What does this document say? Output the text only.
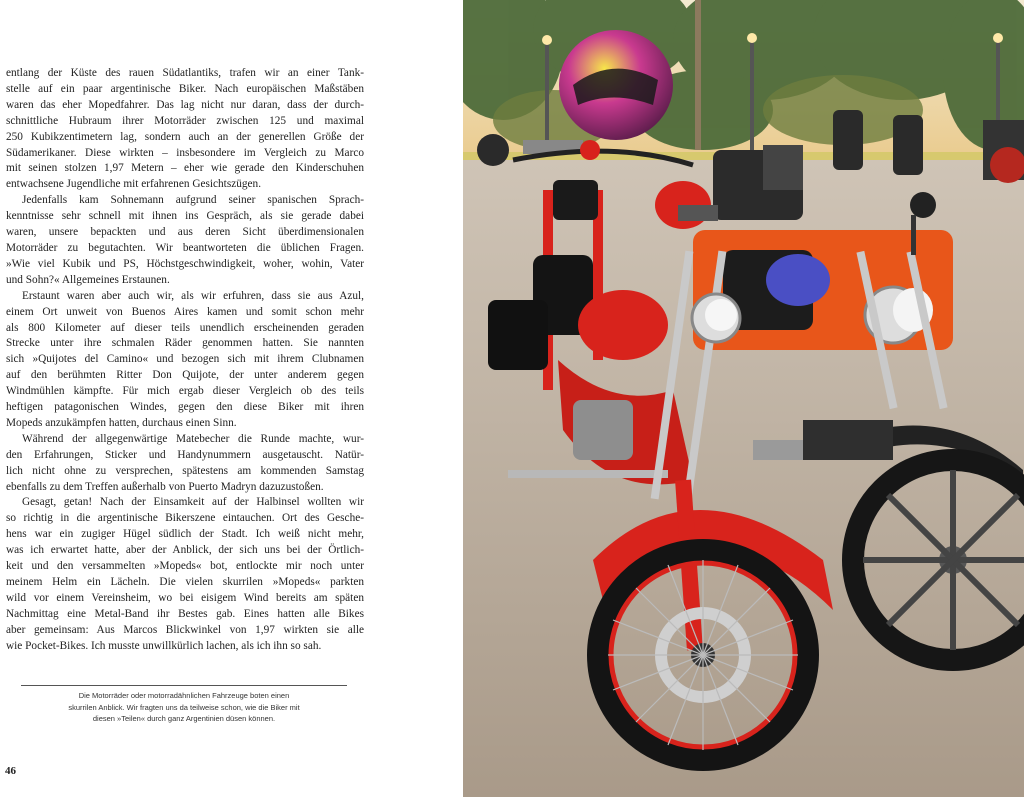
entlang der Küste des rauen Südatlantiks, trafen wir an einer Tank-
stelle auf ein paar argentinische Biker. Nach europäischen Maßstäben
waren das eher Mopedfahrer. Das lag nicht nur daran, dass der durch-
schnittliche Hubraum ihrer Motorräder zwischen 125 und maximal
250 Kubikzentimetern lag, sondern auch an der generellen Größe der
Südamerikaner. Diese wirkten – insbesondere im Vergleich zu Marco
mit seinen stolzen 1,97 Metern – eher wie gerade den Kinderschuhen
entwachsene Jugendliche mit erfahrenen Gesichtszügen.
Jedenfalls kam Sohnemann aufgrund seiner spanischen Sprach-
kenntnisse sehr schnell mit ihnen ins Gespräch, als sie gerade dabei
waren, unsere bepackten und aus deren Sicht überdimensionalen
Motorräder zu begutachten. Wir beantworteten die üblichen Fragen.
»Wie viel Kubik und PS, Höchstgeschwindigkeit, woher, wohin, Vater
und Sohn?« Allgemeines Erstaunen.
Erstaunt waren aber auch wir, als wir erfuhren, dass sie aus Azul,
einem Ort unweit von Buenos Aires kamen und somit schon mehr
als 800 Kilometer auf dieser teils unendlich erscheinenden geraden
Strecke unter ihre schmalen Räder genommen hatten. Sie nannten
sich »Quijotes del Camino« und bezogen sich mit ihrem Clubnamen
auf den berühmten Ritter Don Quijote, der unter anderem gegen
Windmühlen kämpfte. Für mich ergab dieser Vergleich ob des teils
heftigen patagonischen Windes, gegen den diese Biker mit ihren
Mopeds anzukämpfen hatten, durchaus einen Sinn.
Während der allgegenwärtige Matebecher die Runde machte, wur-
den Erfahrungen, Sticker und Handynummern ausgetauscht. Natür-
lich nicht ohne zu versprechen, spätestens am kommenden Samstag
ebenfalls zu dem Treffen außerhalb von Puerto Madryn dazuzustoßen.
Gesagt, getan! Nach der Einsamkeit auf der Halbinsel wollten wir
so richtig in die argentinische Bikerszene eintauchen. Ort des Gesche-
hens war ein zugiger Hügel südlich der Stadt. Ich weiß nicht mehr,
was ich erwartet hatte, aber der Anblick, der sich uns bei der Örtlich-
keit und den versammelten »Mopeds« bot, entlockte mir noch unter
meinem Helm ein Lächeln. Die vielen skurrilen »Mopeds« parkten
wild vor einem Vereinsheim, wo bei eisigem Wind bereits am späten
Nachmittag eine Metal-Band ihr Bestes gab. Eines hatten alle Bikes
aber gemeinsam: Aus Marcos Blickwinkel von 1,97 wirkten sie alle
wie Pocket-Bikes. Ich musste unwillkürlich lachen, als ich ihn so sah.
Die Motorräder oder motorradähnlichen Fahrzeuge boten einen
skurrilen Anblick. Wir fragten uns da teilweise schon, wie die Biker mit
diesen »Teilen« durch ganz Argentinien düsen können.
46
